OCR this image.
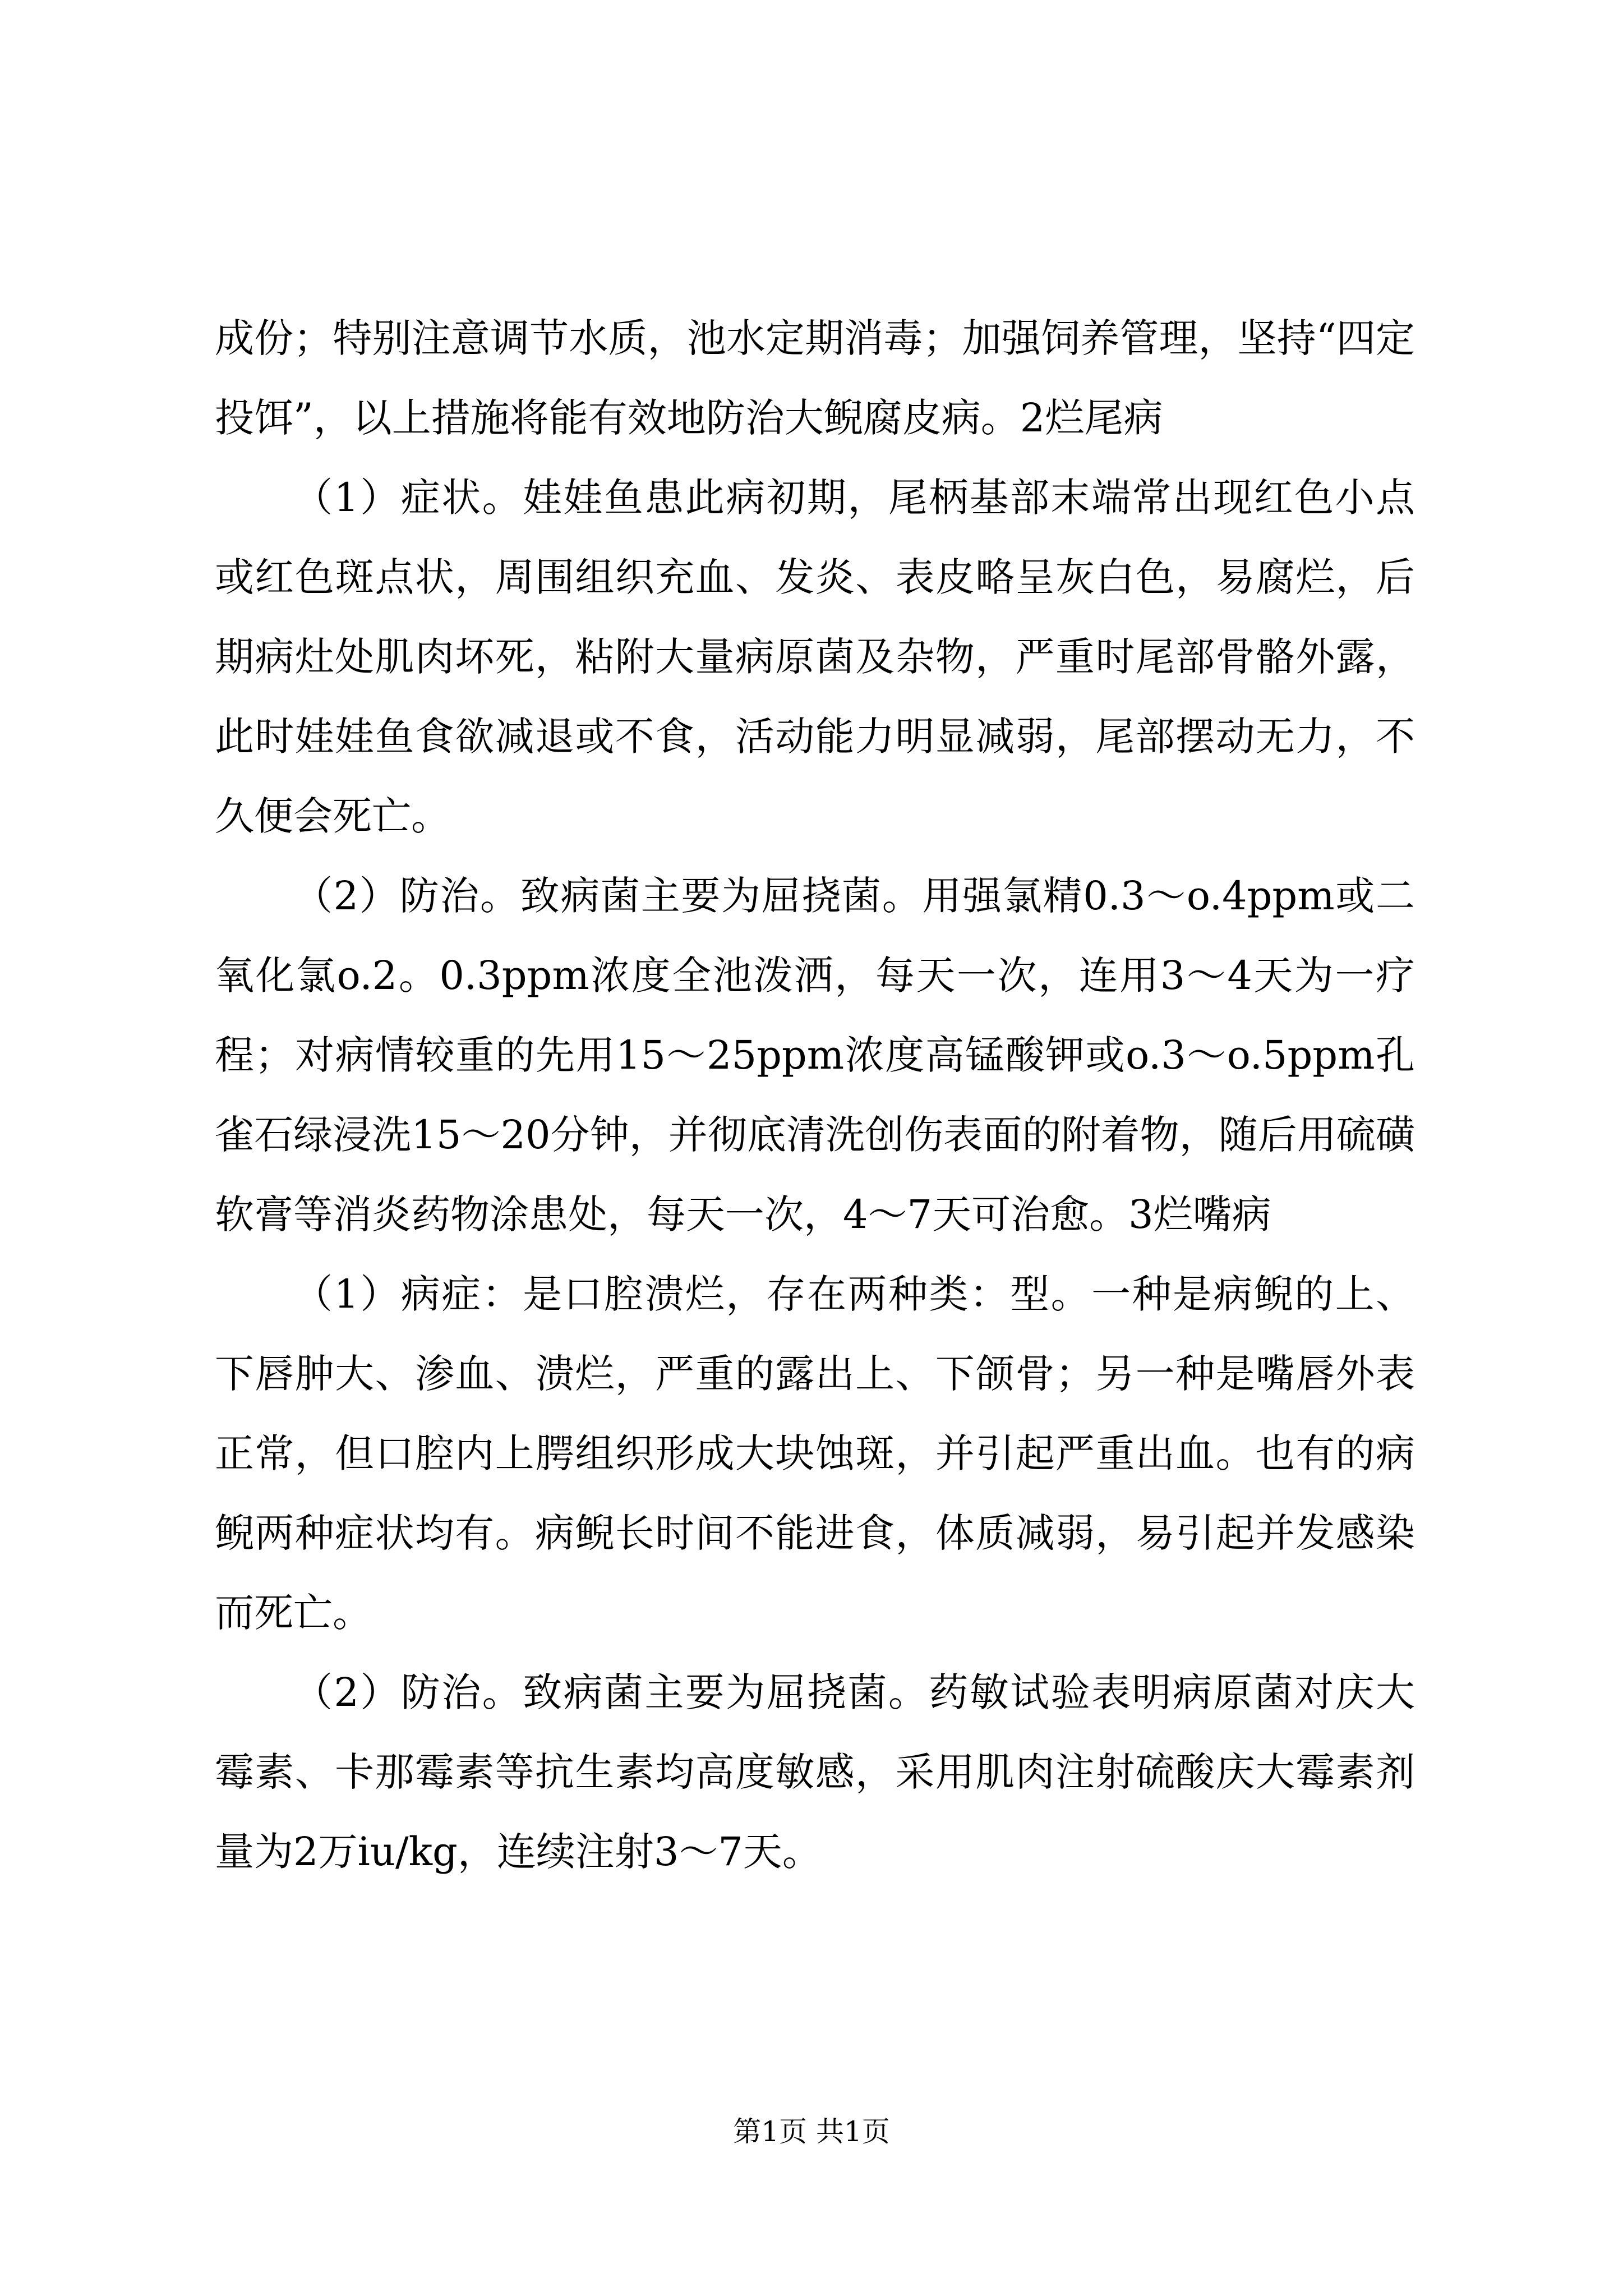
成份；特别注意调节水质，池水定期消毒；加强饲养管理，坚持“四定投饵”，以上措施将能有效地防治大鲵腐皮病。2烂尾病

（1）症状。娃娃鱼患此病初期，尾柄基部末端常出现红色小点或红色斑点状，周围组织充血、发炎、表皮略呈灰白色，易腐烂，后期病灶处肌肉坏死，粘附大量病原菌及杂物，严重时尾部骨骼外露，此时娃娃鱼食欲减退或不食，活动能力明显减弱，尾部摆动无力，不久便会死亡。

（2）防治。致病菌主要为屈挠菌。用强氯精0.3～o.4ppm或二氧化氯o.2。0.3ppm浓度全池泼洒，每天一次，连用3～4天为一疗程；对病情较重的先用15～25ppm浓度高锰酸钾或o.3～o.5ppm孔雀石绿浸洗15～20分钟，并彻底清洗创伤表面的附着物，随后用硫磺软膏等消炎药物涂患处，每天一次，4～7天可治愈。3烂嘴病

（1）病症：是口腔溃烂，存在两种类：型。一种是病鲵的上、下唇肿大、渗血、溃烂，严重的露出上、下颌骨；另一种是嘴唇外表正常，但口腔内上腭组织形成大块蚀斑，并引起严重出血。也有的病鲵两种症状均有。病鲵长时间不能进食，体质减弱，易引起并发感染而死亡。

（2）防治。致病菌主要为屈挠菌。药敏试验表明病原菌对庆大霉素、卡那霉素等抗生素均高度敏感，采用肌肉注射硫酸庆大霉素剂量为2万iu/kg，连续注射3～7天。

第1页 共1页
